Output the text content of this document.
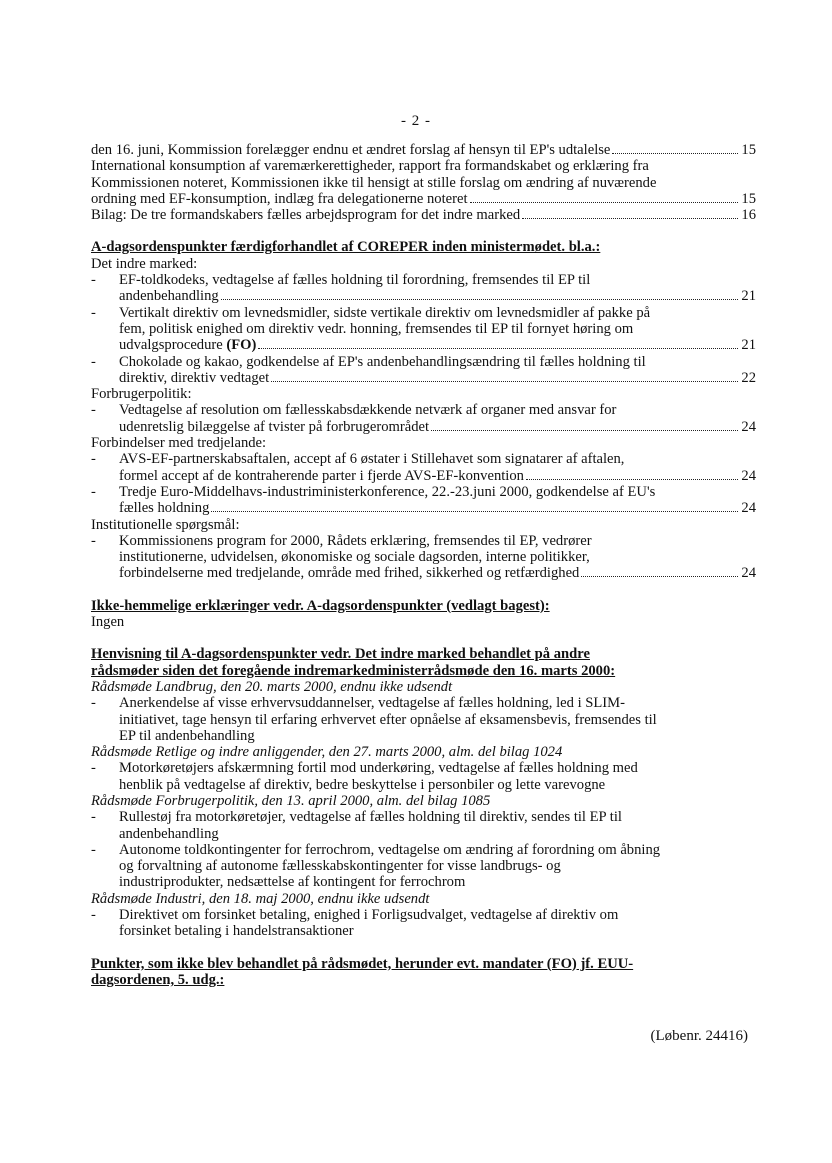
- 2 -
den 16. juni, Kommission forelægger endnu et ændret forslag af hensyn til EP's udtalelse	15
International konsumption af varemærkerettigheder, rapport fra formandskabet og erklæring fra
Kommissionen noteret, Kommissionen ikke til hensigt at stille forslag om ændring af nuværende
ordning med EF-konsumption, indlæg fra delegationerne noteret	15
Bilag: De tre formandskabers fælles arbejdsprogram for det indre marked	16
A-dagsordenspunkter færdigforhandlet af COREPER inden ministermødet. bl.a.:
Det indre marked:
-	EF-toldkodeks, vedtagelse af fælles holdning til forordning, fremsendes til EP til
andenbehandling	21
-	Vertikalt direktiv om levnedsmidler, sidste vertikale direktiv om levnedsmidler af pakke på
fem, politisk enighed om direktiv vedr. honning, fremsendes til EP til fornyet høring om
udvalgsprocedure (FO)	21
-	Chokolade og kakao, godkendelse af EP's andenbehandlingsændring til fælles holdning til
direktiv, direktiv vedtaget	22
Forbrugerpolitik:
-	Vedtagelse af resolution om fællesskabsdækkende netværk af organer med ansvar for
udenretslig bilæggelse af tvister på forbrugerområdet	24
Forbindelser med tredjelande:
-	AVS-EF-partnerskabsaftalen, accept af 6 østater i Stillehavet som signatarer af aftalen,
formel accept af de kontraherende parter i fjerde AVS-EF-konvention	24
-	Tredje Euro-Middelhavs-industriministerkonference, 22.-23.juni 2000, godkendelse af EU's
fælles holdning	24
Institutionelle spørgsmål:
-	Kommissionens program for 2000, Rådets erklæring, fremsendes til EP, vedrører
institutionerne, udvidelsen, økonomiske og sociale dagsorden, interne politikker,
forbindelserne med tredjelande, område med frihed, sikkerhed og retfærdighed	24
Ikke-hemmelige erklæringer vedr. A-dagsordenspunkter (vedlagt bagest):
Ingen
Henvisning til A-dagsordenspunkter vedr. Det indre marked behandlet på andre
rådsmøder siden det foregående indremarkedministerrådsmøde den 16. marts 2000:
Rådsmøde Landbrug, den 20. marts 2000, endnu ikke udsendt
-	Anerkendelse af visse erhvervsuddannelser, vedtagelse af fælles holdning, led i SLIM-
initiativet, tage hensyn til erfaring erhvervet efter opnåelse af eksamensbevis, fremsendes til
EP til andenbehandling
Rådsmøde Retlige og indre anliggender, den 27. marts 2000, alm. del bilag 1024
-	Motorkøretøjers afskærmning fortil mod underkøring, vedtagelse af fælles holdning med
henblik på vedtagelse af direktiv, bedre beskyttelse i personbiler og lette varevogne
Rådsmøde Forbrugerpolitik, den 13. april 2000, alm. del bilag 1085
-	Rullestøj fra motorkøretøjer, vedtagelse af fælles holdning til direktiv, sendes til EP til
andenbehandling
-	Autonome toldkontingenter for ferrochrom, vedtagelse om ændring af forordning om åbning
og forvaltning af autonome fællesskabskontingenter for visse landbrugs- og
industriprodukter, nedsættelse af kontingent for ferrochrom
Rådsmøde Industri, den 18. maj 2000, endnu ikke udsendt
-	Direktivet om forsinket betaling, enighed i Forligsudvalget, vedtagelse af direktiv om
forsinket betaling i handelstransaktioner
Punkter, som ikke blev behandlet på rådsmødet, herunder evt. mandater (FO) jf. EUU-
dagsordenen, 5. udg.:
(Løbenr. 24416)
